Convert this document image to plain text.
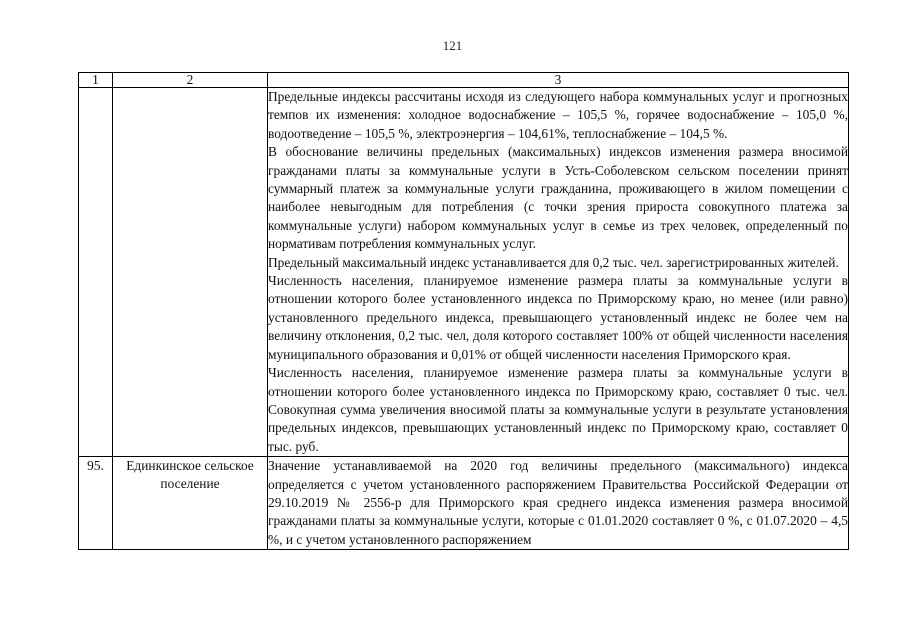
121
1	2	3

		Предельные индексы рассчитаны исходя из следующего набора коммунальных услуг и прогнозных темпов их изменения: холодное водоснабжение – 105,5 %, горячее водоснабжение – 105,0 %, водоотведение – 105,5 %, электроэнергия – 104,61%, теплоснабжение – 104,5 %.

В обоснование величины предельных (максимальных) индексов изменения размера вносимой гражданами платы за коммунальные услуги в Усть-Соболевском сельском поселении принят суммарный платеж за коммунальные услуги гражданина, проживающего в жилом помещении с наиболее невыгодным для потребления (с точки зрения прироста совокупного платежа за коммунальные услуги) набором коммунальных услуг в семье из трех человек, определенный по нормативам потребления коммунальных услуг.

Предельный максимальный индекс устанавливается для 0,2 тыс. чел. зарегистрированных жителей.

Численность населения, планируемое изменение размера платы за коммунальные услуги в отношении которого более установленного индекса по Приморскому краю, но менее (или равно) установленного предельного индекса, превышающего установленный индекс не более чем на величину отклонения, 0,2 тыс. чел, доля которого составляет 100% от общей численности населения муниципального образования и 0,01% от общей численности населения Приморского края.

Численность населения, планируемое изменение размера платы за коммунальные услуги в отношении которого более установленного индекса по Приморскому краю, составляет 0 тыс. чел. Совокупная сумма увеличения вносимой платы за коммунальные услуги в результате установления предельных индексов, превышающих установленный индекс по Приморскому краю, составляет 0 тыс. руб.

95.	Единкинское сельское поселение	Значение устанавливаемой на 2020 год величины предельного (максимального) индекса определяется с учетом установленного распоряжением Правительства Российской Федерации от 29.10.2019 № 2556-р для Приморского края среднего индекса изменения размера вносимой гражданами платы за коммунальные услуги, которые с 01.01.2020 составляет 0 %, с 01.07.2020 – 4,5 %, и с учетом установленного распоряжением
